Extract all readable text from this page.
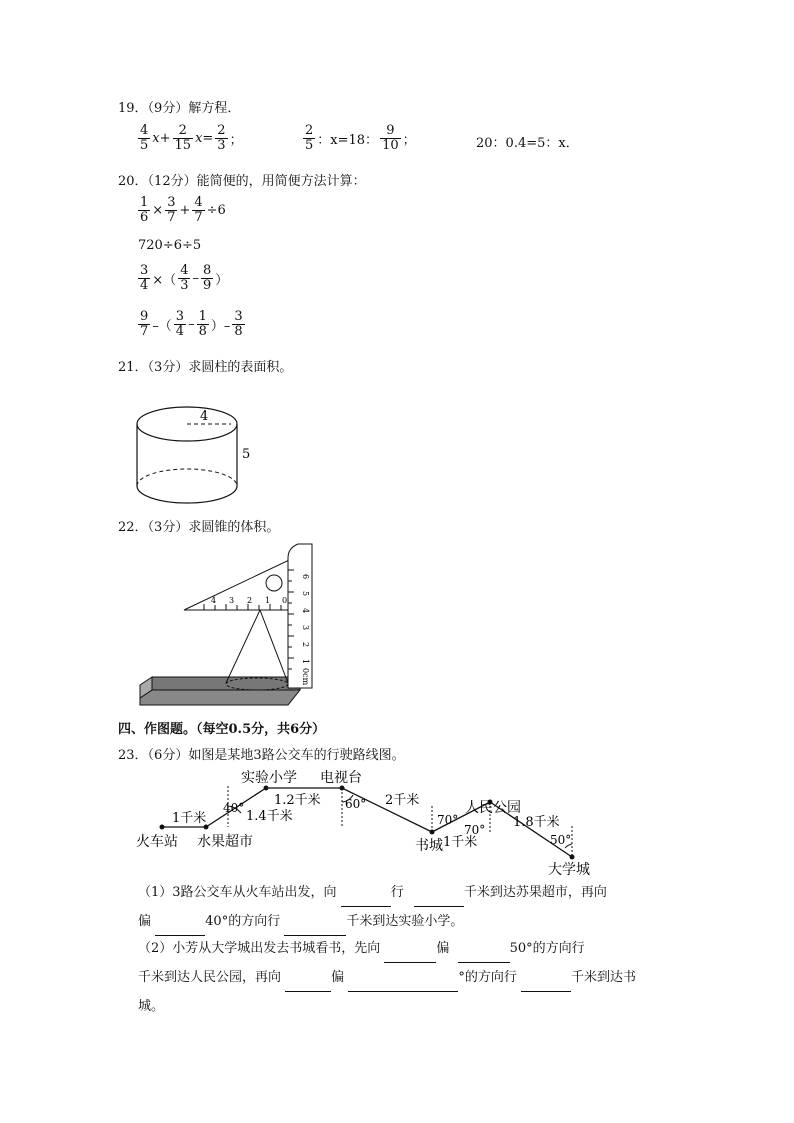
19．（9分）解方程．
$\frac{4}{5} x+ \frac{2}{15} x= \frac{2}{3}$ ；	$\frac{2}{5}$ ：x=18： $\frac{9}{10}$ ；	20：0.4=5：x．
20．（12分）能简便的，用简便方法计算：
$\frac{1}{6} \times \frac{3}{7} + \frac{4}{7} \div 6$
720÷6÷5
$\frac{3}{4}$ ×（ $\frac{4}{3} - \frac{8}{9}$ ）
$\frac{9}{7}$ –（ $\frac{3}{4} - \frac{1}{8}$ ）– $\frac{3}{8}$
21．（3分）求圆柱的表面积。
4
5
22．（3分）求圆锥的体积。
4 3 2 1 0
6
5
4
3
2
1
0cm
四、作图题。（每空0.5分，共6分）
23．（6分）如图是某地3路公交车的行驶路线图。
火车站 水果超市
实验小学 电视台
书城
人民公园
大学城
1千米	1.4千米
1.2千米	2千米
1千米
1.8千米
40°	60°
70°
70°
50°
（1）3路公交车从火车站出发，向	行	千米到达苏果超市，再向
偏	40°的方向行	千米到达实验小学。
（2）小芳从大学城出发去书城看书，先向	偏	50°的方向行
千米到达人民公园，再向	偏	°的方向行	千米到达书
城。
